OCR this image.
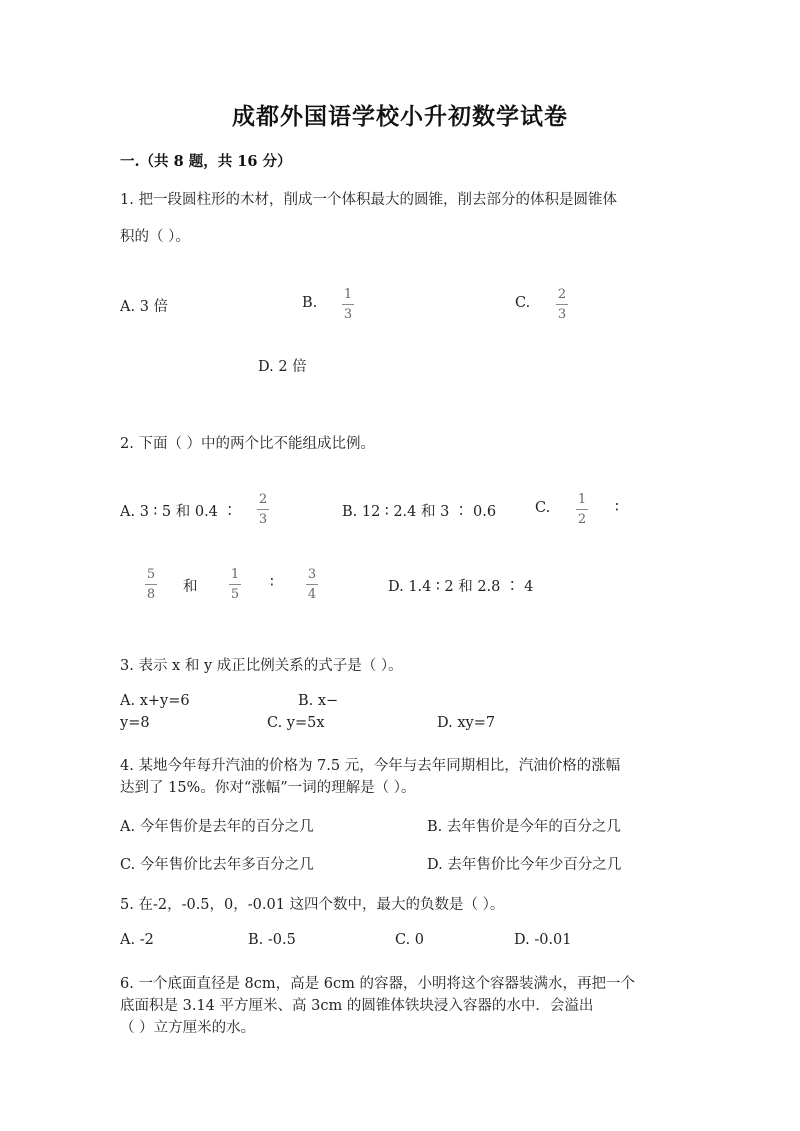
成都外国语学校小升初数学试卷
一.（共 8 题，共 16 分）
1. 把一段圆柱形的木材，削成一个体积最大的圆锥，削去部分的体积是圆锥体
积的（ ）。
A. 3 倍	B.
1
3
C.
2
3
D. 2 倍
2. 下面（ ）中的两个比不能组成比例。
A. 3 ∶ 5 和 0.4 ∶
2
3	B. 12 ∶ 2.4 和 3 ∶ 0.6	C.
1
2
∶
5
8 和
1
5
∶
3
4	D. 1.4 ∶ 2 和 2.8 ∶ 4
3. 表示 x 和 y 成正比例关系的式子是（ ）。
A. x+y=6	B. x−
y=8	C. y=5x	D. xy=7
4. 某地今年每升汽油的价格为 7.5 元，今年与去年同期相比，汽油价格的涨幅
达到了 15%。你对“涨幅”一词的理解是（ ）。
A. 今年售价是去年的百分之几	B. 去年售价是今年的百分之几
C. 今年售价比去年多百分之几	D. 去年售价比今年少百分之几
5. 在-2，-0.5，0，-0.01 这四个数中，最大的负数是（ ）。
A. -2	B. -0.5	C. 0	D. -0.01
6. 一个底面直径是 8cm，高是 6cm 的容器，小明将这个容器装满水，再把一个
底面积是 3.14 平方厘米、高 3cm 的圆锥体铁块浸入容器的水中．会溢出
（ ）立方厘米的水。
